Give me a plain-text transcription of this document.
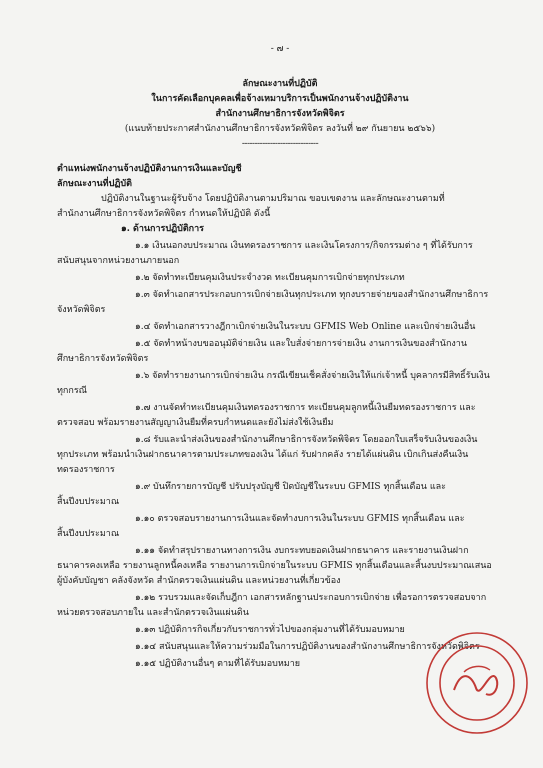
- ๗ -

ลักษณะงานที่ปฏิบัติ

ในการคัดเลือกบุคคลเพื่อจ้างเหมาบริการเป็นพนักงานจ้างปฏิบัติงาน

สำนักงานศึกษาธิการจังหวัดพิจิตร

(แนบท้ายประกาศสำนักงานศึกษาธิการจังหวัดพิจิตร ลงวันที่ ๒๙ กันยายน ๒๕๖๖)

------------------------------

ตำแหน่งพนักงานจ้างปฏิบัติงานการเงินและบัญชี

ลักษณะงานที่ปฏิบัติ

ปฏิบัติงานในฐานะผู้รับจ้าง โดยปฏิบัติงานตามปริมาณ ขอบเขตงาน และลักษณะงานตามที่

สำนักงานศึกษาธิการจังหวัดพิจิตร กำหนดให้ปฏิบัติ ดังนี้

๑. ด้านการปฏิบัติการ

๑.๑ เงินนอกงบประมาณ เงินทดรองราชการ และเงินโครงการ/กิจกรรมต่าง ๆ ที่ได้รับการ

สนับสนุนจากหน่วยงานภายนอก

๑.๒ จัดทำทะเบียนคุมเงินประจำงวด ทะเบียนคุมการเบิกจ่ายทุกประเภท

๑.๓ จัดทำเอกสารประกอบการเบิกจ่ายเงินทุกประเภท ทุกงบรายจ่ายของสำนักงานศึกษาธิการ

จังหวัดพิจิตร

๑.๔ จัดทำเอกสารวางฎีกาเบิกจ่ายเงินในระบบ GFMIS Web Online และเบิกจ่ายเงินอื่น

๑.๕ จัดทำหน้างบขออนุมัติจ่ายเงิน และใบสั่งจ่ายการจ่ายเงิน งานการเงินของสำนักงาน

ศึกษาธิการจังหวัดพิจิตร

๑.๖ จัดทำรายงานการเบิกจ่ายเงิน กรณีเขียนเช็คสั่งจ่ายเงินให้แก่เจ้าหนี้ บุคลากรมีสิทธิ์รับเงิน

ทุกกรณี

๑.๗ งานจัดทำทะเบียนคุมเงินทดรองราชการ ทะเบียนคุมลูกหนี้เงินยืมทดรองราชการ และ

ตรวจสอบ พร้อมรายงานสัญญาเงินยืมที่ครบกำหนดและยังไม่ส่งใช้เงินยืม

๑.๘ รับและนำส่งเงินของสำนักงานศึกษาธิการจังหวัดพิจิตร โดยออกใบเสร็จรับเงินของเงิน

ทุกประเภท พร้อมนำเงินฝากธนาคารตามประเภทของเงิน ได้แก่ รับฝากคลัง รายได้แผ่นดิน เบิกเกินส่งคืนเงิน

ทดรองราชการ

๑.๙ บันทึกรายการบัญชี ปรับปรุงบัญชี ปิดบัญชีในระบบ GFMIS ทุกสิ้นเดือน และ

สิ้นปีงบประมาณ

๑.๑๐ ตรวจสอบรายงานการเงินและจัดทำงบการเงินในระบบ GFMIS ทุกสิ้นเดือน และ

สิ้นปีงบประมาณ

๑.๑๑ จัดทำสรุปรายงานทางการเงิน งบกระทบยอดเงินฝากธนาคาร และรายงานเงินฝาก

ธนาคารคงเหลือ รายงานลูกหนี้คงเหลือ รายงานการเบิกจ่ายในระบบ GFMIS ทุกสิ้นเดือนและสิ้นงบประมาณเสนอ

ผู้บังคับบัญชา คลังจังหวัด สำนักตรวจเงินแผ่นดิน และหน่วยงานที่เกี่ยวข้อง

๑.๑๒ รวบรวมและจัดเก็บฎีกา เอกสารหลักฐานประกอบการเบิกจ่าย เพื่อรอการตรวจสอบจาก

หน่วยตรวจสอบภายใน และสำนักตรวจเงินแผ่นดิน

๑.๑๓ ปฏิบัติการกิจเกี่ยวกับราชการทั่วไปของกลุ่มงานที่ได้รับมอบหมาย

๑.๑๔ สนับสนุนและให้ความร่วมมือในการปฏิบัติงานของสำนักงานศึกษาธิการจังหวัดพิจิตร

๑.๑๕ ปฏิบัติงานอื่นๆ ตามที่ได้รับมอบหมาย
